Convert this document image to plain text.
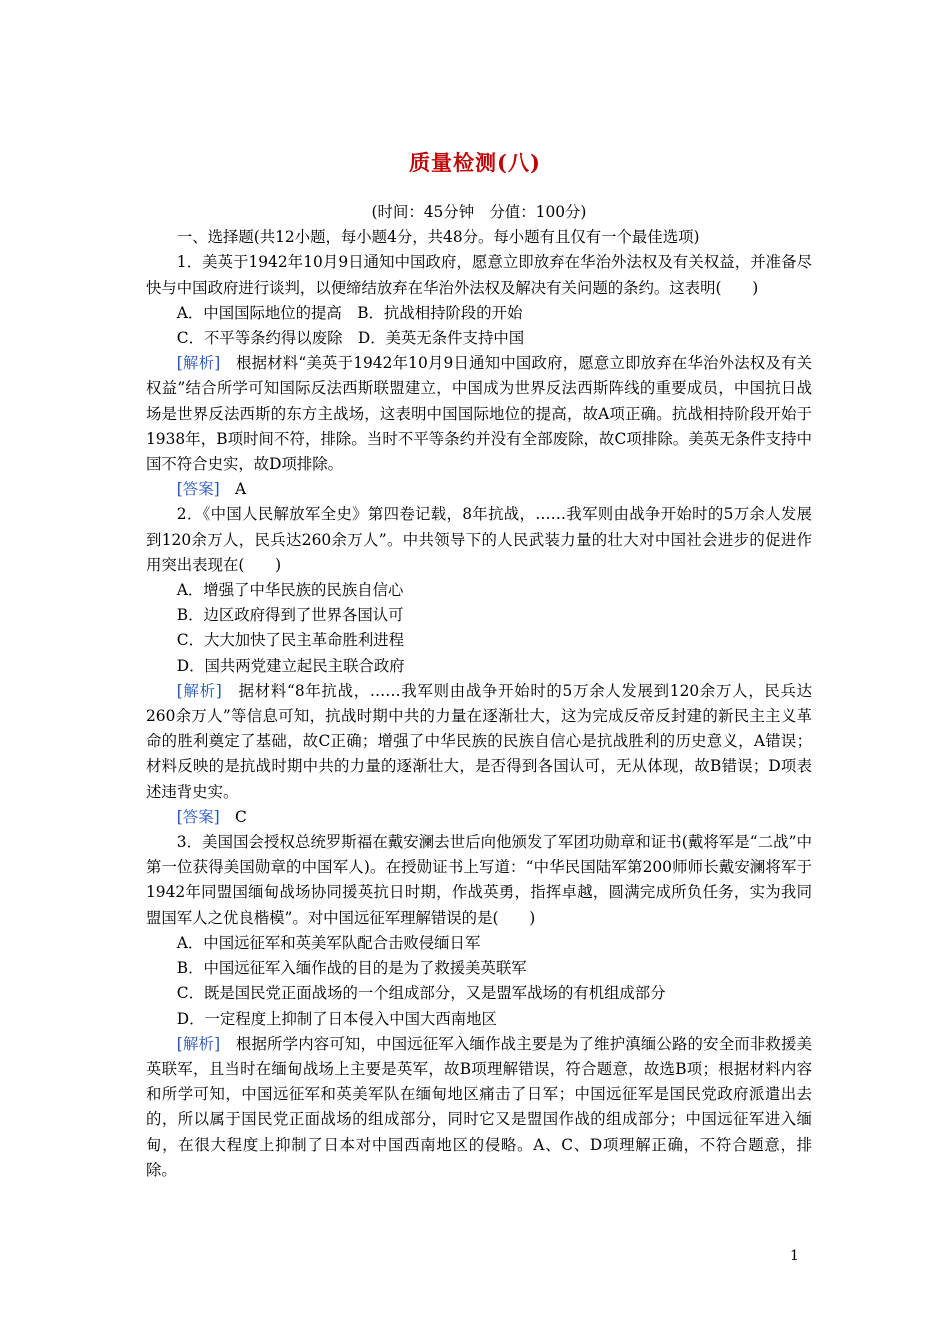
质量检测(八)

(时间：45分钟　分值：100分)

一、选择题(共12小题，每小题4分，共48分。每小题有且仅有一个最佳选项)

1．美英于1942年10月9日通知中国政府，愿意立即放弃在华治外法权及有关权益，并准备尽快与中国政府进行谈判，以便缔结放弃在华治外法权及解决有关问题的条约。这表明(　　)

A．中国国际地位的提高　B．抗战相持阶段的开始

C．不平等条约得以废除　D．美英无条件支持中国

[解析]　 根据材料“美英于1942年10月9日通知中国政府，愿意立即放弃在华治外法权及有关权益”结合所学可知国际反法西斯联盟建立，中国成为世界反法西斯阵线的重要成员，中国抗日战场是世界反法西斯的东方主战场，这表明中国国际地位的提高，故A项正确。抗战相持阶段开始于1938年，B项时间不符，排除。当时不平等条约并没有全部废除，故C项排除。美英无条件支持中国不符合史实，故D项排除。

[答案]　 A

2．《中国人民解放军全史》第四卷记载，8年抗战，……我军则由战争开始时的5万余人发展到120余万人，民兵达260余万人”。中共领导下的人民武装力量的壮大对中国社会进步的促进作用突出表现在(　　)

A．增强了中华民族的民族自信心

B．边区政府得到了世界各国认可

C．大大加快了民主革命胜利进程

D．国共两党建立起民主联合政府

[解析]　 据材料“8年抗战，……我军则由战争开始时的5万余人发展到120余万人，民兵达260余万人”等信息可知，抗战时期中共的力量在逐渐壮大，这为完成反帝反封建的新民主主义革命的胜利奠定了基础，故C正确；增强了中华民族的民族自信心是抗战胜利的历史意义，A错误；材料反映的是抗战时期中共的力量的逐渐壮大，是否得到各国认可，无从体现，故B错误；D项表述违背史实。

[答案]　 C

3．美国国会授权总统罗斯福在戴安澜去世后向他颁发了军团功勋章和证书(戴将军是“二战”中第一位获得美国勋章的中国军人)。在授勋证书上写道：“中华民国陆军第200师师长戴安澜将军于1942年同盟国缅甸战场协同援英抗日时期，作战英勇，指挥卓越，圆满完成所负任务，实为我同盟国军人之优良楷模”。对中国远征军理解错误的是(　　)

A．中国远征军和英美军队配合击败侵缅日军

B．中国远征军入缅作战的目的是为了救援美英联军

C．既是国民党正面战场的一个组成部分，又是盟军战场的有机组成部分

D．一定程度上抑制了日本侵入中国大西南地区

[解析]　 根据所学内容可知，中国远征军入缅作战主要是为了维护滇缅公路的安全而非救援美英联军，且当时在缅甸战场上主要是英军，故B项理解错误，符合题意，故选B项；根据材料内容和所学可知，中国远征军和英美军队在缅甸地区痛击了日军；中国远征军是国民党政府派遣出去的，所以属于国民党正面战场的组成部分，同时它又是盟国作战的组成部分；中国远征军进入缅甸，在很大程度上抑制了日本对中国西南地区的侵略。A、C、D项理解正确，不符合题意，排除。

1
